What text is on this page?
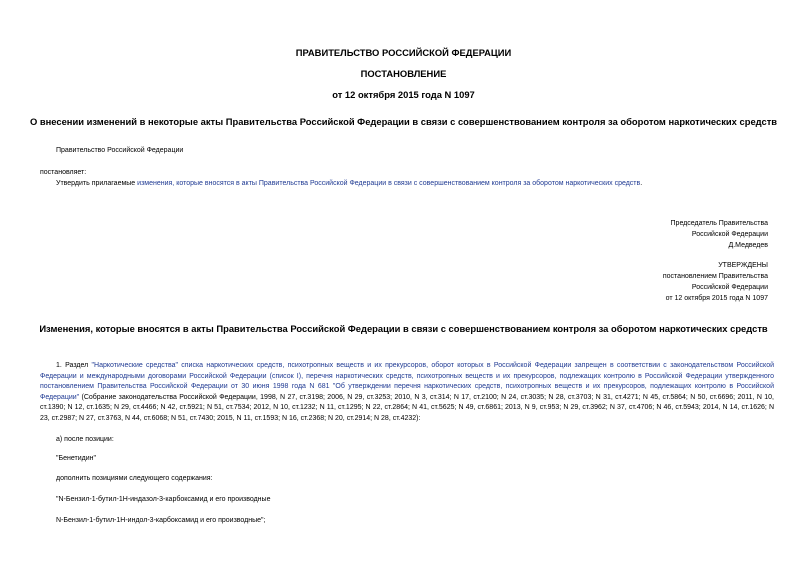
ПРАВИТЕЛЬСТВО РОССИЙСКОЙ ФЕДЕРАЦИИ
ПОСТАНОВЛЕНИЕ
от 12 октября 2015 года N 1097
О внесении изменений в некоторые акты Правительства Российской Федерации в связи с совершенствованием контроля за оборотом наркотических средств
Правительство Российской Федерации
постановляет:
Утвердить прилагаемые изменения, которые вносятся в акты Правительства Российской Федерации в связи с совершенствованием контроля за оборотом наркотических средств.
Председатель Правительства
Российской Федерации
Д.Медведев
УТВЕРЖДЕНЫ
постановлением Правительства
Российской Федерации
от 12 октября 2015 года N 1097
Изменения, которые вносятся в акты Правительства Российской Федерации в связи с совершенствованием контроля за оборотом наркотических средств
1. Раздел "Наркотические средства" списка наркотических средств, психотропных веществ и их прекурсоров, оборот которых в Российской Федерации запрещен в соответствии с законодательством Российской Федерации и международными договорами Российской Федерации (список I), перечня наркотических средств, психотропных веществ и их прекурсоров, подлежащих контролю в Российской Федерации утвержденного постановлением Правительства Российской Федерации от 30 июня 1998 года N 681 "Об утверждении перечня наркотических средств, психотропных веществ и их прекурсоров, подлежащих контролю в Российской Федерации" (Собрание законодательства Российской Федерации, 1998, N 27, ст.3198; 2006, N 29, ст.3253; 2010, N 3, ст.314; N 17, ст.2100; N 24, ст.3035; N 28, ст.3703; N 31, ст.4271; N 45, ст.5864; N 50, ст.6696; 2011, N 10, ст.1390; N 12, ст.1635; N 29, ст.4466; N 42, ст.5921; N 51, ст.7534; 2012, N 10, ст.1232; N 11, ст.1295; N 22, ст.2864; N 41, ст.5625; N 49, ст.6861; 2013, N 9, ст.953; N 29, ст.3962; N 37, ст.4706; N 46, ст.5943; 2014, N 14, ст.1626; N 23, ст.2987; N 27, ст.3763, N 44, ст.6068; N 51, ст.7430; 2015, N 11, ст.1593; N 16, ст.2368; N 20, ст.2914; N 28, ст.4232):
а) после позиции:
"Бенетидин"
дополнить позициями следующего содержания:
"N-Бензил-1-бутил-1Н-индазол-3-карбоксамид и его производные
N-Бензил-1-бутил-1Н-индол-3-карбоксамид и его производные";
